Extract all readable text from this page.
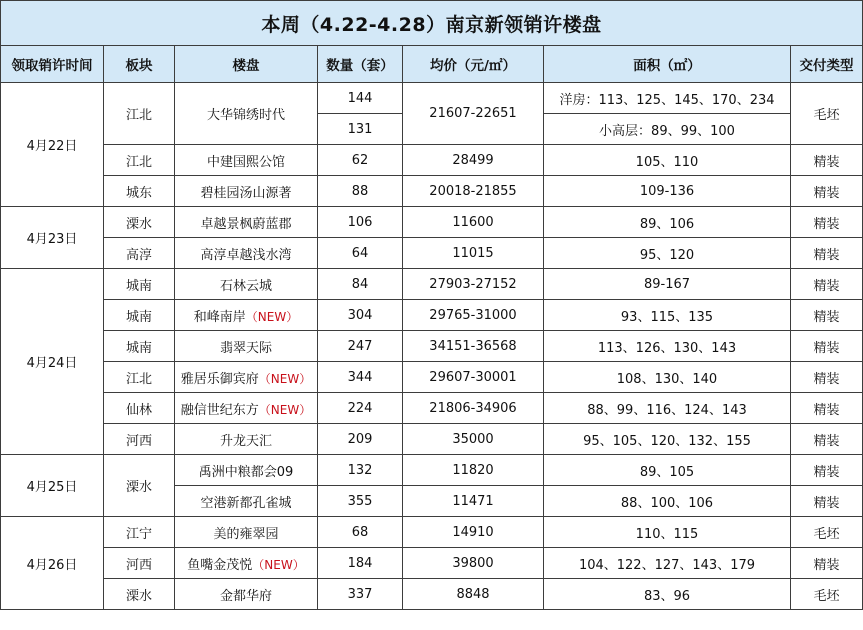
本周（4.22-4.28）南京新领销许楼盘						
领取销许时间	板块	楼盘	数量（套）	均价（元/㎡）	面积（㎡）	交付类型
4月22日	江北	大华锦绣时代	144	21607-22651	洋房：113、125、145、170、234	毛坯
			131		小高层：89、99、100	
	江北	中建国熙公馆	62	28499	105、110	精装
	城东	碧桂园汤山源著	88	20018-21855	109-136	精装
4月23日	溧水	卓越景枫蔚蓝郡	106	11600	89、106	精装
	高淳	高淳卓越浅水湾	64	11015	95、120	精装
4月24日	城南	石林云城	84	27903-27152	89-167	精装
	城南	和峰南岸（NEW）	304	29765-31000	93、115、135	精装
	城南	翡翠天际	247	34151-36568	113、126、130、143	精装
	江北	雅居乐御宾府（NEW）	344	29607-30001	108、130、140	精装
	仙林	融信世纪东方（NEW）	224	21806-34906	88、99、116、124、143	精装
	河西	升龙天汇	209	35000	95、105、120、132、155	精装
4月25日	溧水	禹洲中粮都会09	132	11820	89、105	精装
		空港新都孔雀城	355	11471	88、100、106	精装
4月26日	江宁	美的雍翠园	68	14910	110、115	毛坯
	河西	鱼嘴金茂悦（NEW）	184	39800	104、122、127、143、179	精装
	溧水	金都华府	337	8848	83、96	毛坯
